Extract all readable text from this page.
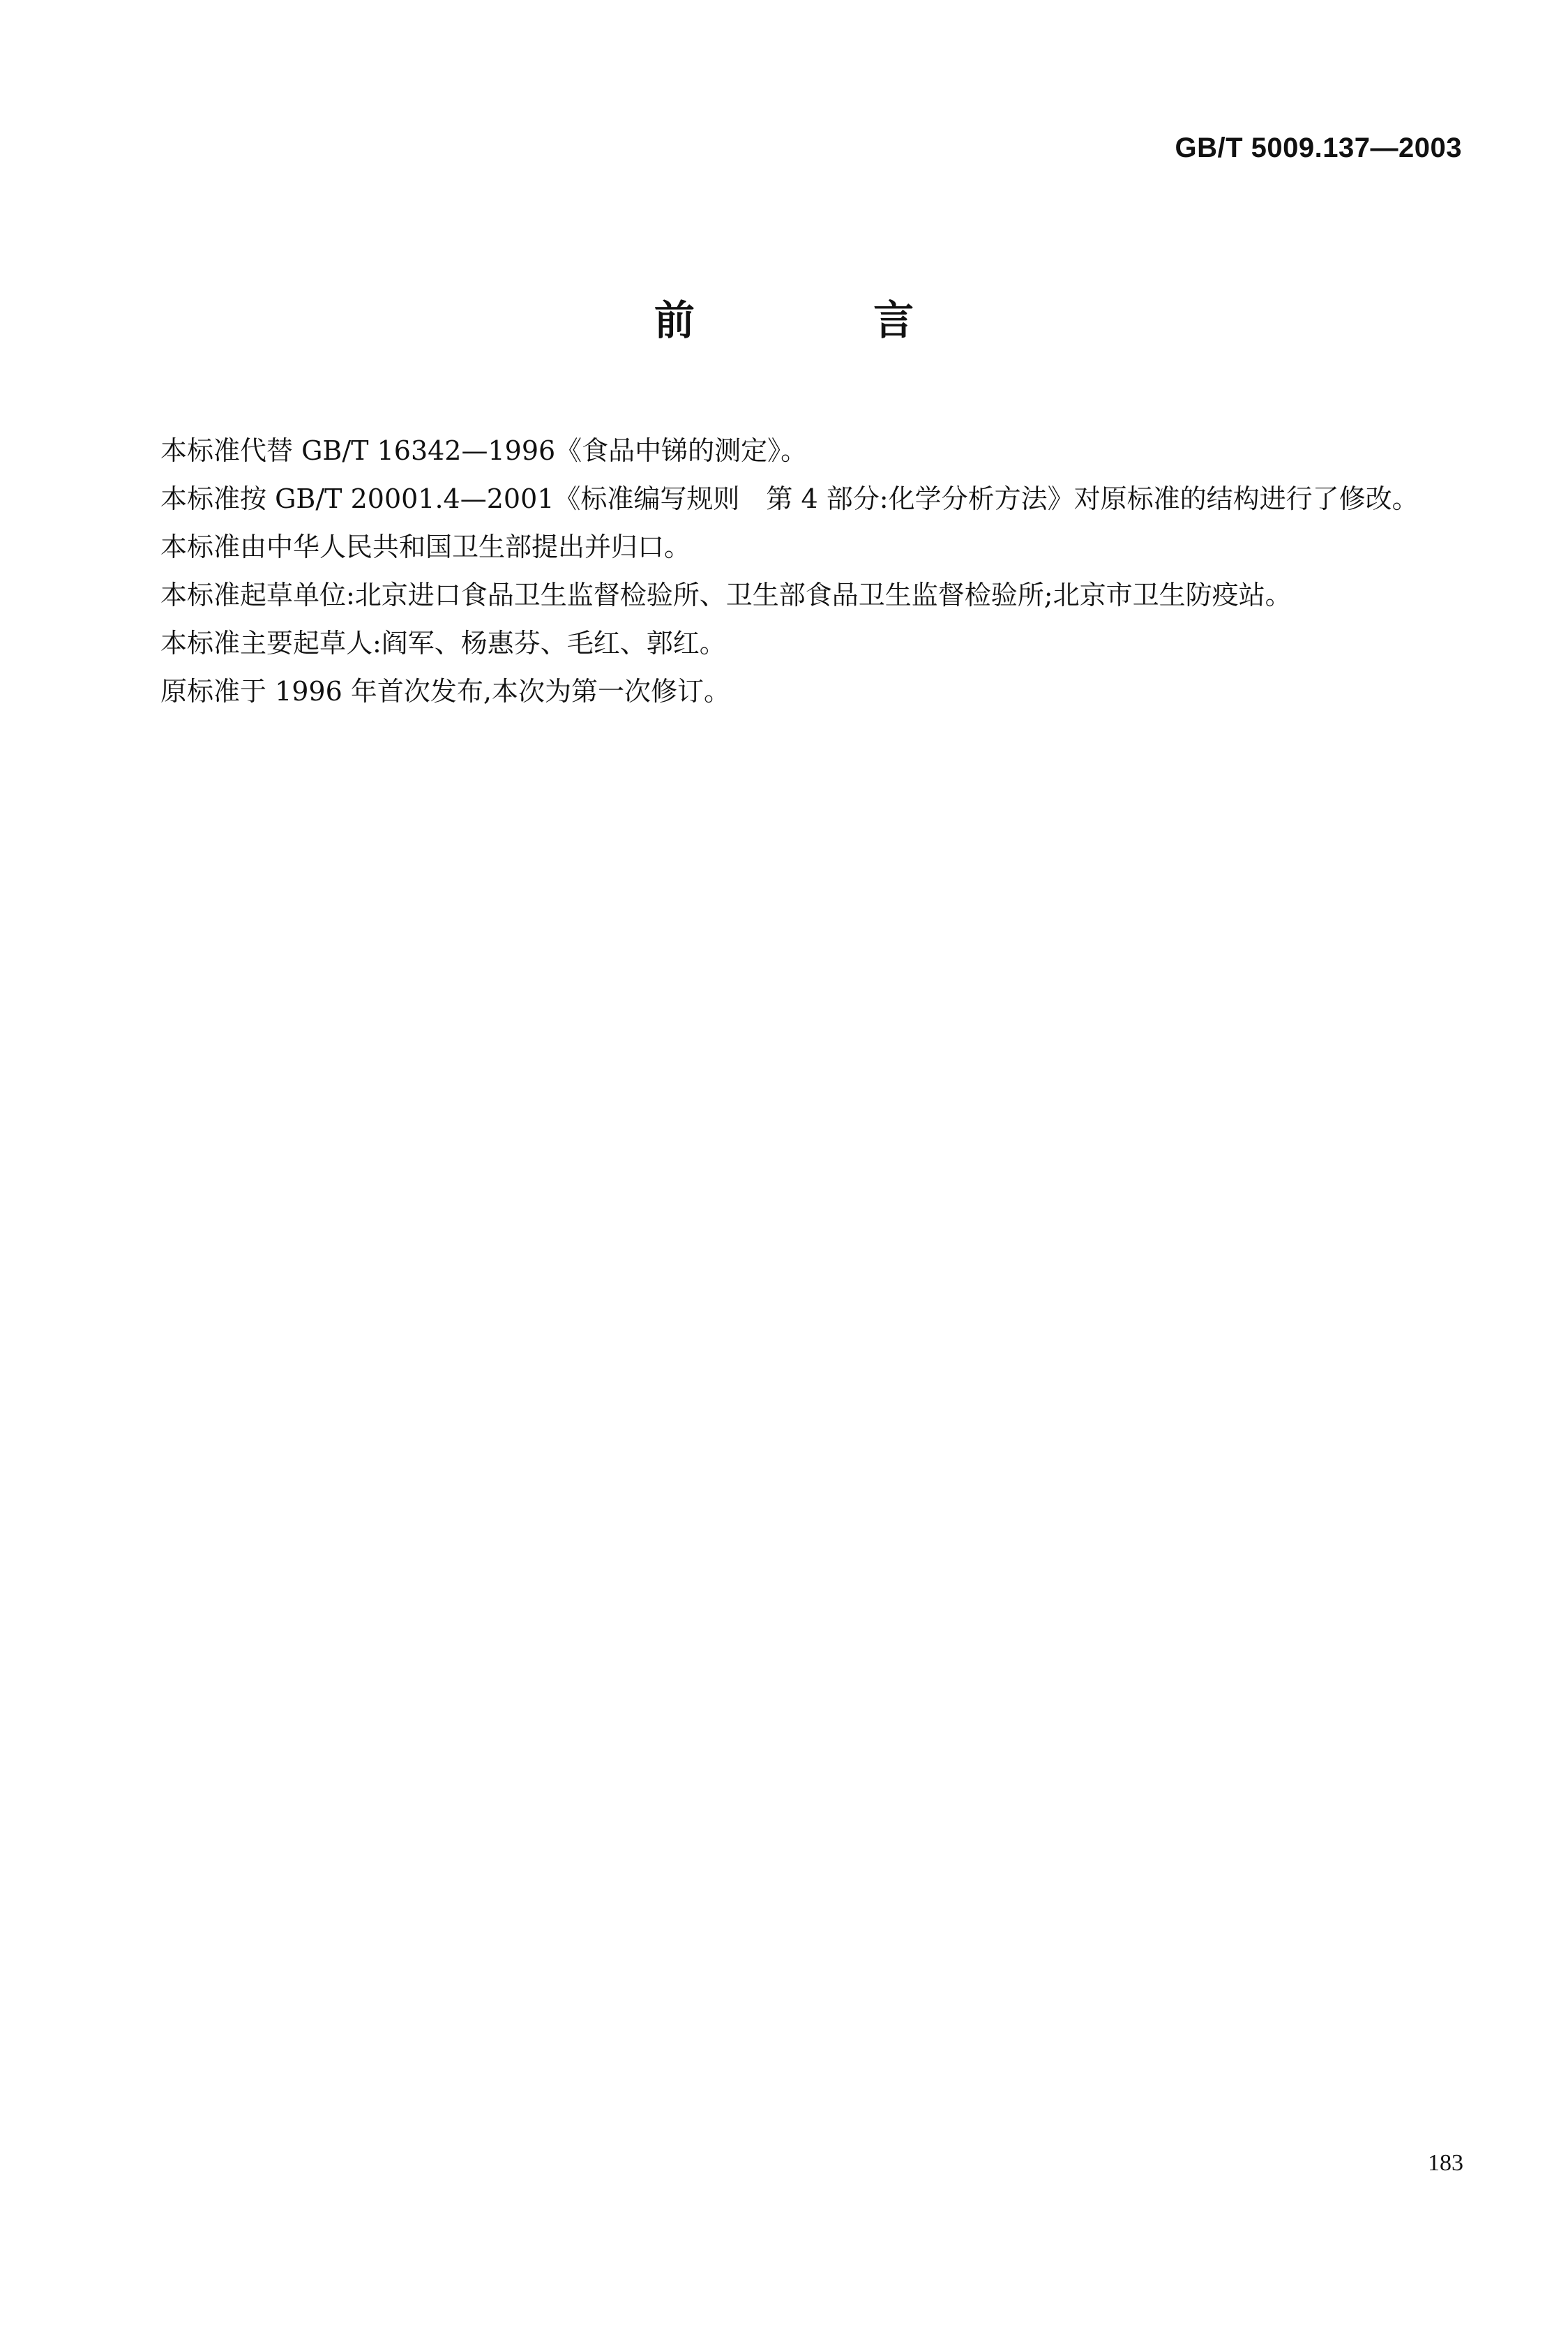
GB/T 5009.137—2003
前 言

本标准代替 GB/T 16342—1996《食品中锑的测定》。

本标准按 GB/T 20001.4—2001《标准编写规则　第 4 部分:化学分析方法》对原标准的结构进行了修改。

本标准由中华人民共和国卫生部提出并归口。

本标准起草单位:北京进口食品卫生监督检验所、卫生部食品卫生监督检验所;北京市卫生防疫站。

本标准主要起草人:阎军、杨惠芬、毛红、郭红。

原标准于 1996 年首次发布,本次为第一次修订。

183
